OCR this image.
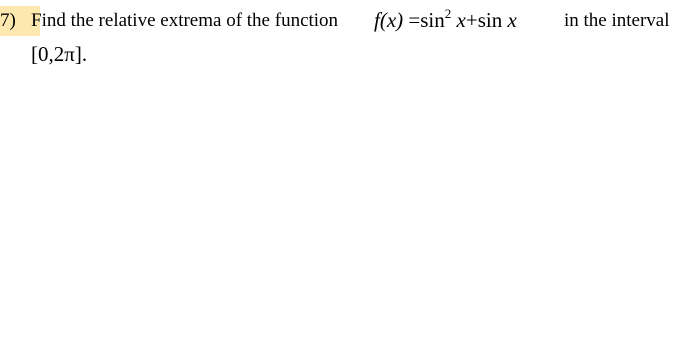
7) Find the relative extrema of the function $f(x) =\sin^2$ x+sin x in the interval
[0,2π].
